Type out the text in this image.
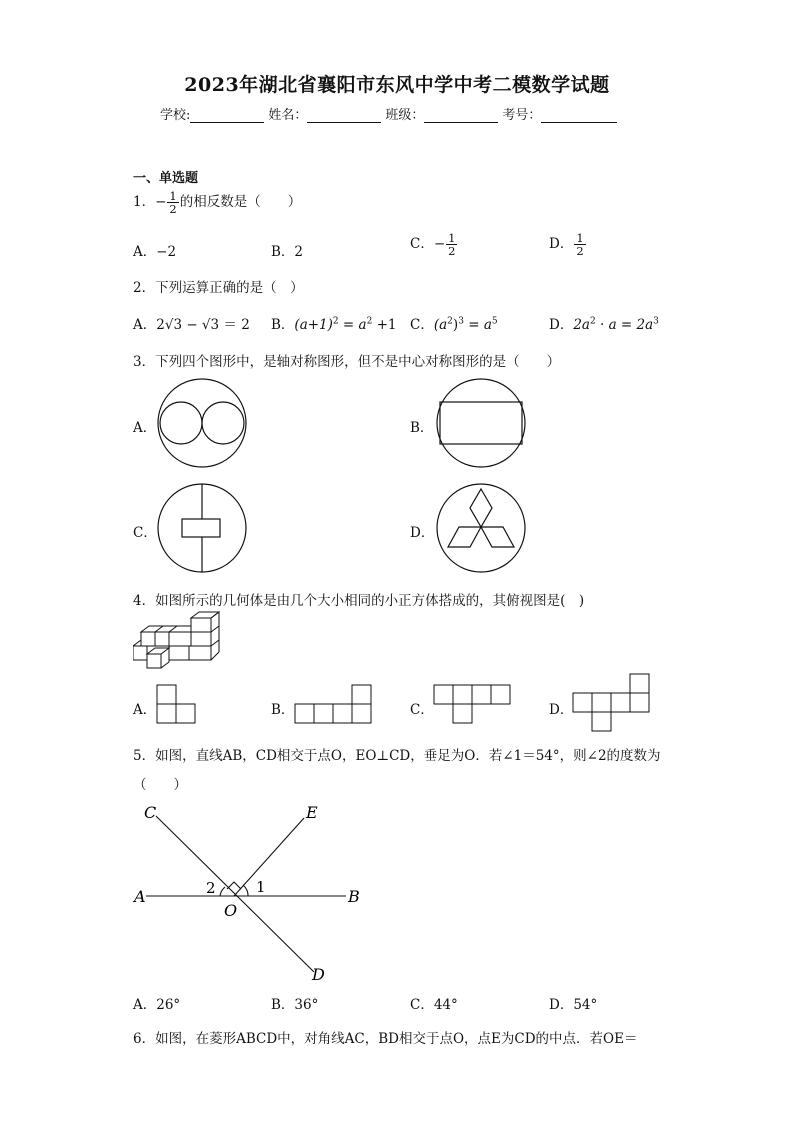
2023年湖北省襄阳市东风中学中考二模数学试题
学校:	姓名：	班级：	考号：
一、单选题
1．− $\frac{1}{2}$ 的相反数是（　　）
A．−2	B．2	C．− $\frac{1}{2}$	D． $\frac{1}{2}$
2．下列运算正确的是（　）
A．2√3 − √3 ＝ 2 B．$(a+1)^2 = a^2 +1$ C．$(a^2)^3 = a^5$	D．$2a^2 \cdot a = 2a^3$
3．下列四个图形中，是轴对称图形，但不是中心对称图形的是（　　）
A．	B．
C．	D．
4．如图所示的几何体是由几个大小相同的小正方体搭成的，其俯视图是(　)
A．	B．	C．	D．
5．如图，直线AB，CD相交于点O，EO⊥CD，垂足为O．若∠1＝54°，则∠2的度数为
（　　）
C	E
A	B
O
D
1
2
A．26°	B．36°	C．44°	D．54°
6．如图，在菱形ABCD中，对角线AC，BD相交于点O，点E为CD的中点．若OE＝
